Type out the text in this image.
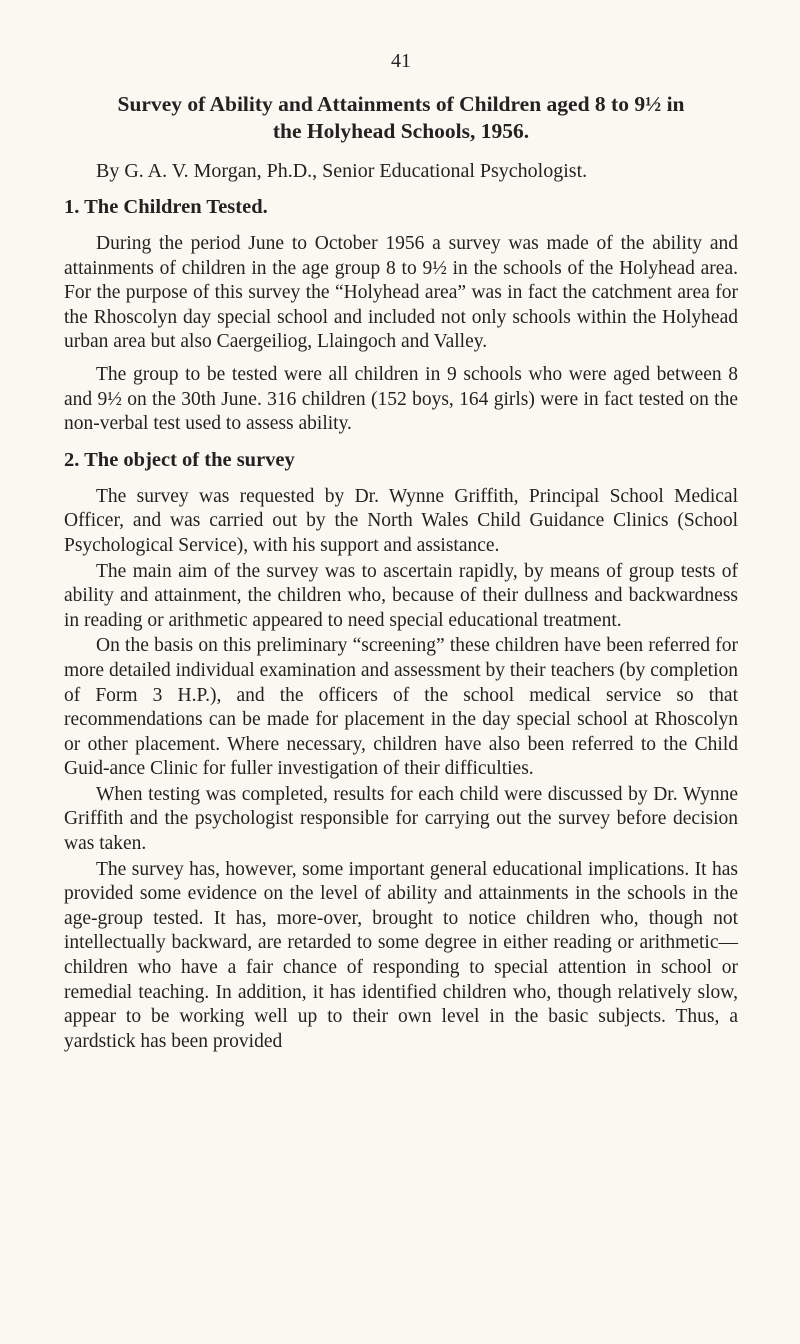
41
Survey of Ability and Attainments of Children aged 8 to 9½ in
the Holyhead Schools, 1956.
By G. A. V. Morgan, Ph.D., Senior Educational Psychologist.
1. The Children Tested.

During the period June to October 1956 a survey was made of the ability and attainments of children in the age group 8 to 9½ in the schools of the Holyhead area. For the purpose of this survey the “Holyhead area” was in fact the catchment area for the Rhoscolyn day special school and included not only schools within the Holyhead urban area but also Caergeiliog, Llaingoch and Valley.

The group to be tested were all children in 9 schools who were aged between 8 and 9½ on the 30th June. 316 children (152 boys, 164 girls) were in fact tested on the non-verbal test used to assess ability.

2. The object of the survey

The survey was requested by Dr. Wynne Griffith, Principal School Medical Officer, and was carried out by the North Wales Child Guidance Clinics (School Psychological Service), with his support and assistance.

The main aim of the survey was to ascertain rapidly, by means of group tests of ability and attainment, the children who, because of their dullness and backwardness in reading or arithmetic appeared to need special educational treatment.

On the basis on this preliminary “screening” these children have been referred for more detailed individual examination and assessment by their teachers (by completion of Form 3 H.P.), and the officers of the school medical service so that recommendations can be made for placement in the day special school at Rhoscolyn or other placement. Where necessary, children have also been referred to the Child Guid-ance Clinic for fuller investigation of their difficulties.

When testing was completed, results for each child were discussed by Dr. Wynne Griffith and the psychologist responsible for carrying out the survey before decision was taken.

The survey has, however, some important general educational implications. It has provided some evidence on the level of ability and attainments in the schools in the age-group tested. It has, more-over, brought to notice children who, though not intellectually backward, are retarded to some degree in either reading or arithmetic— children who have a fair chance of responding to special attention in school or remedial teaching. In addition, it has identified children who, though relatively slow, appear to be working well up to their own level in the basic subjects. Thus, a yardstick has been provided
